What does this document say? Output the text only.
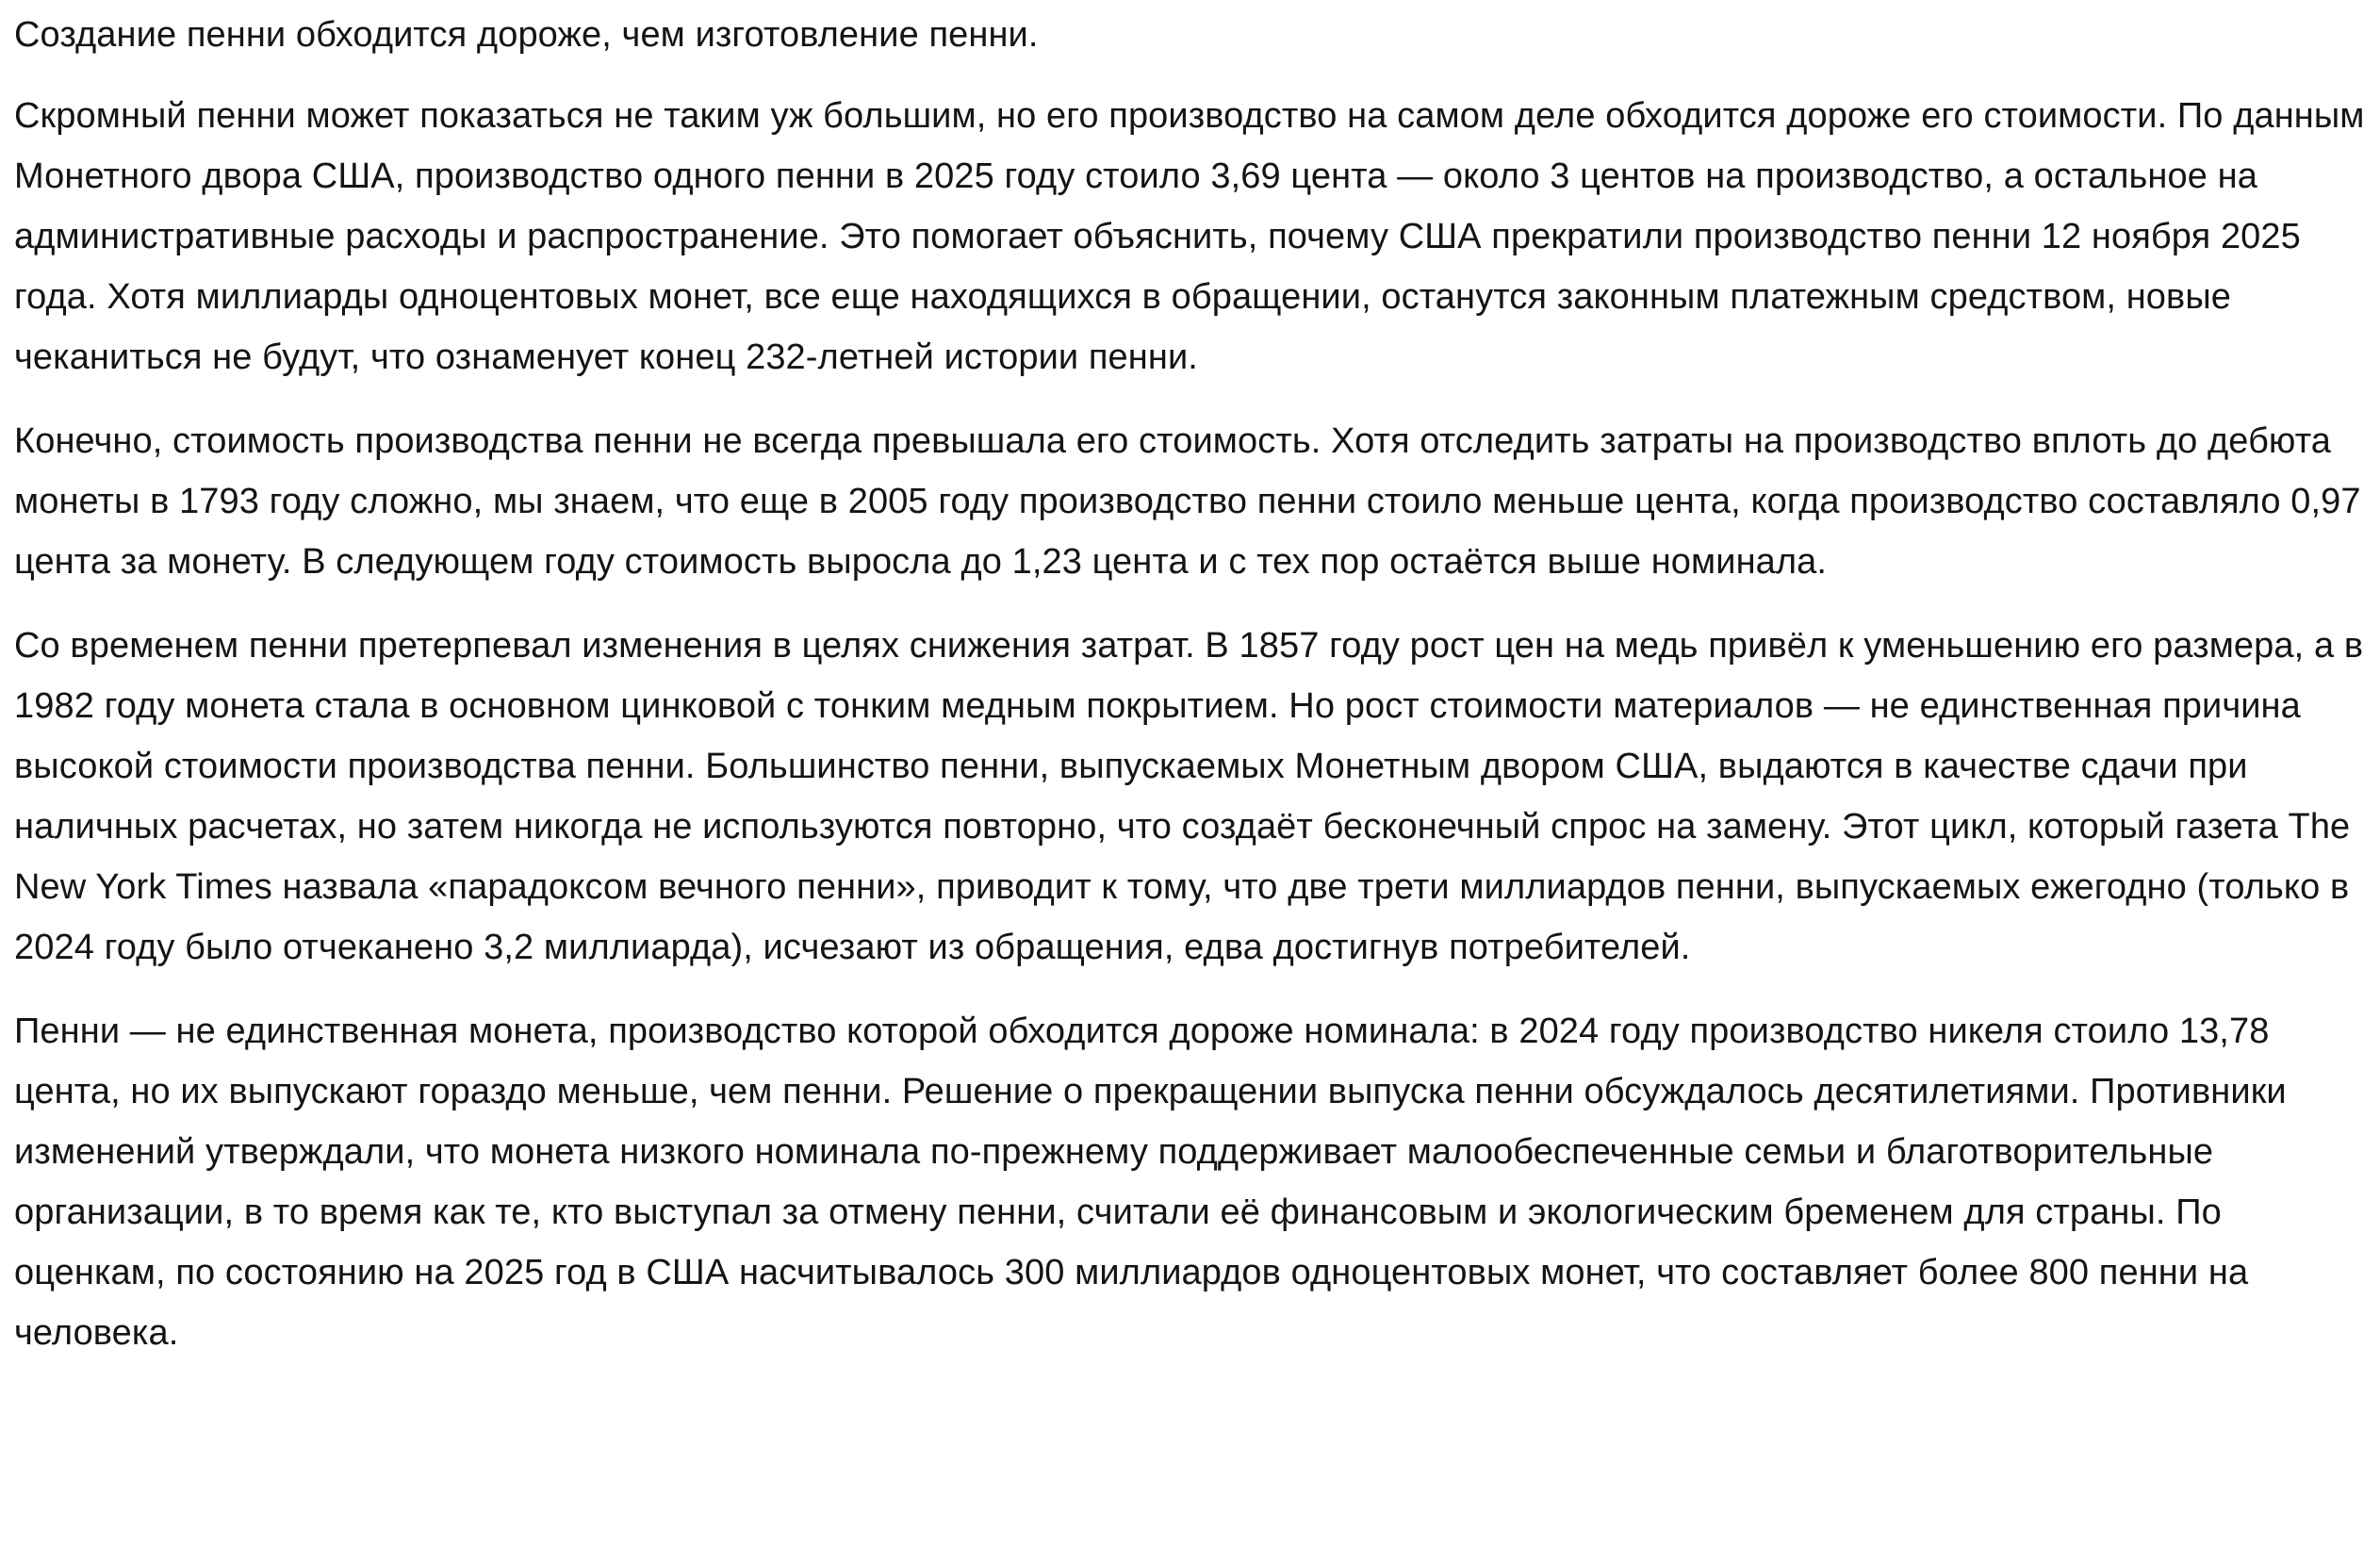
Создание пенни обходится дороже, чем изготовление пенни.

Скромный пенни может показаться не таким уж большим, но его производство на самом деле обходится дороже его стоимости. По данным Монетного двора США, производство одного пенни в 2025 году стоило 3,69 цента — около 3 центов на производство, а остальное на административные расходы и распространение. Это помогает объяснить, почему США прекратили производство пенни 12 ноября 2025 года. Хотя миллиарды одноцентовых монет, все еще находящихся в обращении, останутся законным платежным средством, новые чеканиться не будут, что ознаменует конец 232-летней истории пенни.

Конечно, стоимость производства пенни не всегда превышала его стоимость. Хотя отследить затраты на производство вплоть до дебюта монеты в 1793 году сложно, мы знаем, что еще в 2005 году производство пенни стоило меньше цента, когда производство составляло 0,97 цента за монету. В следующем году стоимость выросла до 1,23 цента и с тех пор остаётся выше номинала.

Со временем пенни претерпевал изменения в целях снижения затрат. В 1857 году рост цен на медь привёл к уменьшению его размера, а в 1982 году монета стала в основном цинковой с тонким медным покрытием. Но рост стоимости материалов — не единственная причина высокой стоимости производства пенни. Большинство пенни, выпускаемых Монетным двором США, выдаются в качестве сдачи при наличных расчетах, но затем никогда не используются повторно, что создаёт бесконечный спрос на замену. Этот цикл, который газета The New York Times назвала «парадоксом вечного пенни», приводит к тому, что две трети миллиардов пенни, выпускаемых ежегодно (только в 2024 году было отчеканено 3,2 миллиарда), исчезают из обращения, едва достигнув потребителей.

Пенни — не единственная монета, производство которой обходится дороже номинала: в 2024 году производство никеля стоило 13,78 цента, но их выпускают гораздо меньше, чем пенни. Решение о прекращении выпуска пенни обсуждалось десятилетиями. Противники изменений утверждали, что монета низкого номинала по-прежнему поддерживает малообеспеченные семьи и благотворительные организации, в то время как те, кто выступал за отмену пенни, считали её финансовым и экологическим бременем для страны. По оценкам, по состоянию на 2025 год в США насчитывалось 300 миллиардов одноцентовых монет, что составляет более 800 пенни на человека.
